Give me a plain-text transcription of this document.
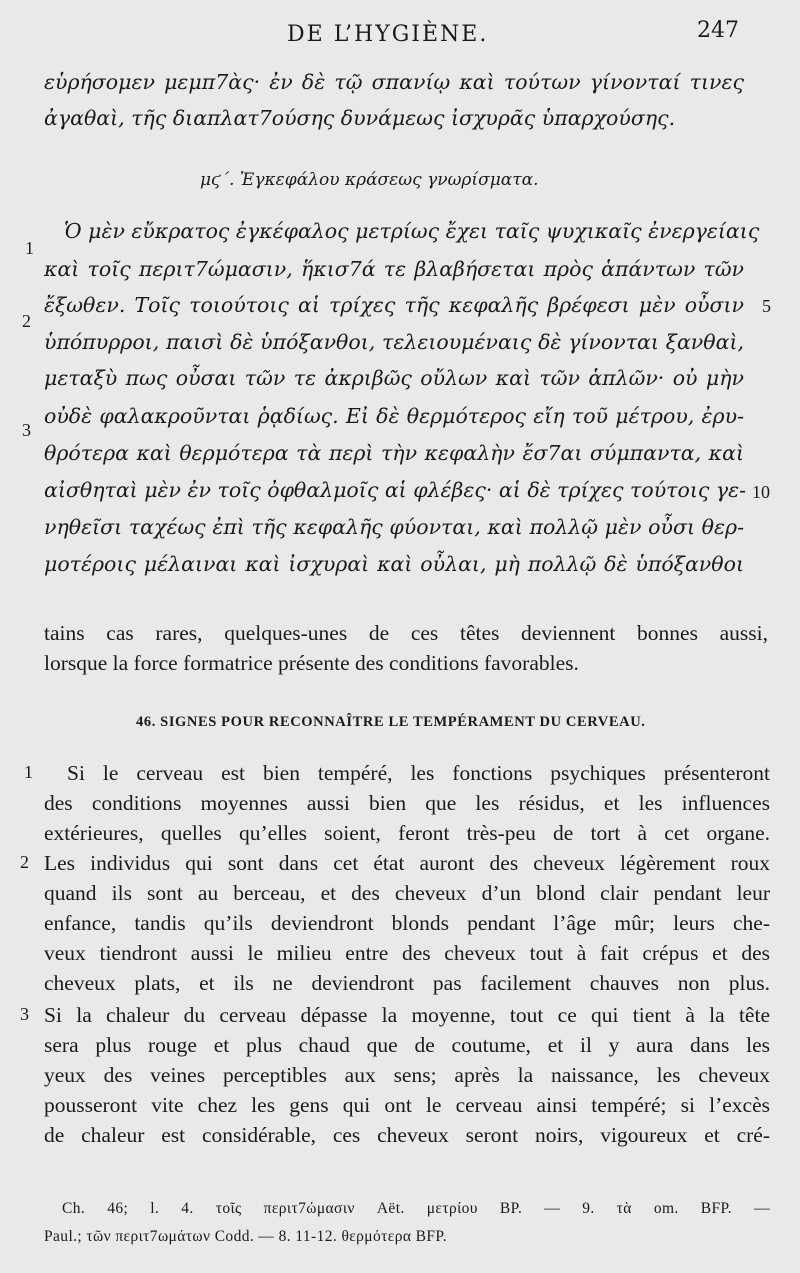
DE L’HYGIÈNE.	247
εὑρήσομεν μεμπ7ὰς· ἐν δὲ τῷ σπανίῳ καὶ τούτων γίνονταί τινες
ἀγαθαὶ, τῆς διαπλατ7ούσης δυνάμεως ἰσχυρᾶς ὑπαρχούσης.
μϛ΄. Ἐγκεφάλου κράσεως γνωρίσματα.
Ὁ μὲν εὔκρατος ἐγκέφαλος μετρίως ἔχει ταῖς ψυχικαῖς ἐνεργείαις
καὶ τοῖς περιτ7ώμασιν, ἥκισ7ά τε βλαβήσεται πρὸς ἁπάντων τῶν
ἔξωθεν. Τοῖς τοιούτοις αἱ τρίχες τῆς κεφαλῆς βρέφεσι μὲν οὖσιν
ὑπόπυρροι, παισὶ δὲ ὑπόξανθοι, τελειουμέναις δὲ γίνονται ξανθαὶ,
μεταξὺ πως οὖσαι τῶν τε ἀκριβῶς οὔλων καὶ τῶν ἁπλῶν· οὐ μὴν
οὐδὲ φαλακροῦνται ῥᾳδίως. Εἰ δὲ θερμότερος εἴη τοῦ μέτρου, ἐρυ-
θρότερα καὶ θερμότερα τὰ περὶ τὴν κεφαλὴν ἔσ7αι σύμπαντα, καὶ
αἰσθηταὶ μὲν ἐν τοῖς ὀφθαλμοῖς αἱ φλέβες· αἱ δὲ τρίχες τούτοις γε-
νηθεῖσι ταχέως ἐπὶ τῆς κεφαλῆς φύονται, καὶ πολλῷ μὲν οὖσι θερ-
μοτέροις μέλαιναι καὶ ἰσχυραὶ καὶ οὖλαι, μὴ πολλῷ δὲ ὑπόξανθοι
1
2
3
5
10
tains cas rares, quelques-unes de ces têtes deviennent bonnes aussi,
lorsque la force formatrice présente des conditions favorables.
46. SIGNES POUR RECONNAÎTRE LE TEMPÉRAMENT DU CERVEAU.
Si le cerveau est bien tempéré, les fonctions psychiques présenteront
des conditions moyennes aussi bien que les résidus, et les influences
extérieures, quelles qu’elles soient, feront très-peu de tort à cet organe.
Les individus qui sont dans cet état auront des cheveux légèrement roux
quand ils sont au berceau, et des cheveux d’un blond clair pendant leur
enfance, tandis qu’ils deviendront blonds pendant l’âge mûr; leurs che-
veux tiendront aussi le milieu entre des cheveux tout à fait crépus et des
cheveux plats, et ils ne deviendront pas facilement chauves non plus.
Si la chaleur du cerveau dépasse la moyenne, tout ce qui tient à la tête
sera plus rouge et plus chaud que de coutume, et il y aura dans les
yeux des veines perceptibles aux sens; après la naissance, les cheveux
pousseront vite chez les gens qui ont le cerveau ainsi tempéré; si l’excès
de chaleur est considérable, ces cheveux seront noirs, vigoureux et cré-
1
2
3
Ch. 46; l. 4. τοῖς περιτ7ώμασιν Aët. μετρίου BP. — 9. τὰ om. BFP. —
Paul.; τῶν περιτ7ωμάτων Codd. — 8. 11-12. θερμότερα BFP.
